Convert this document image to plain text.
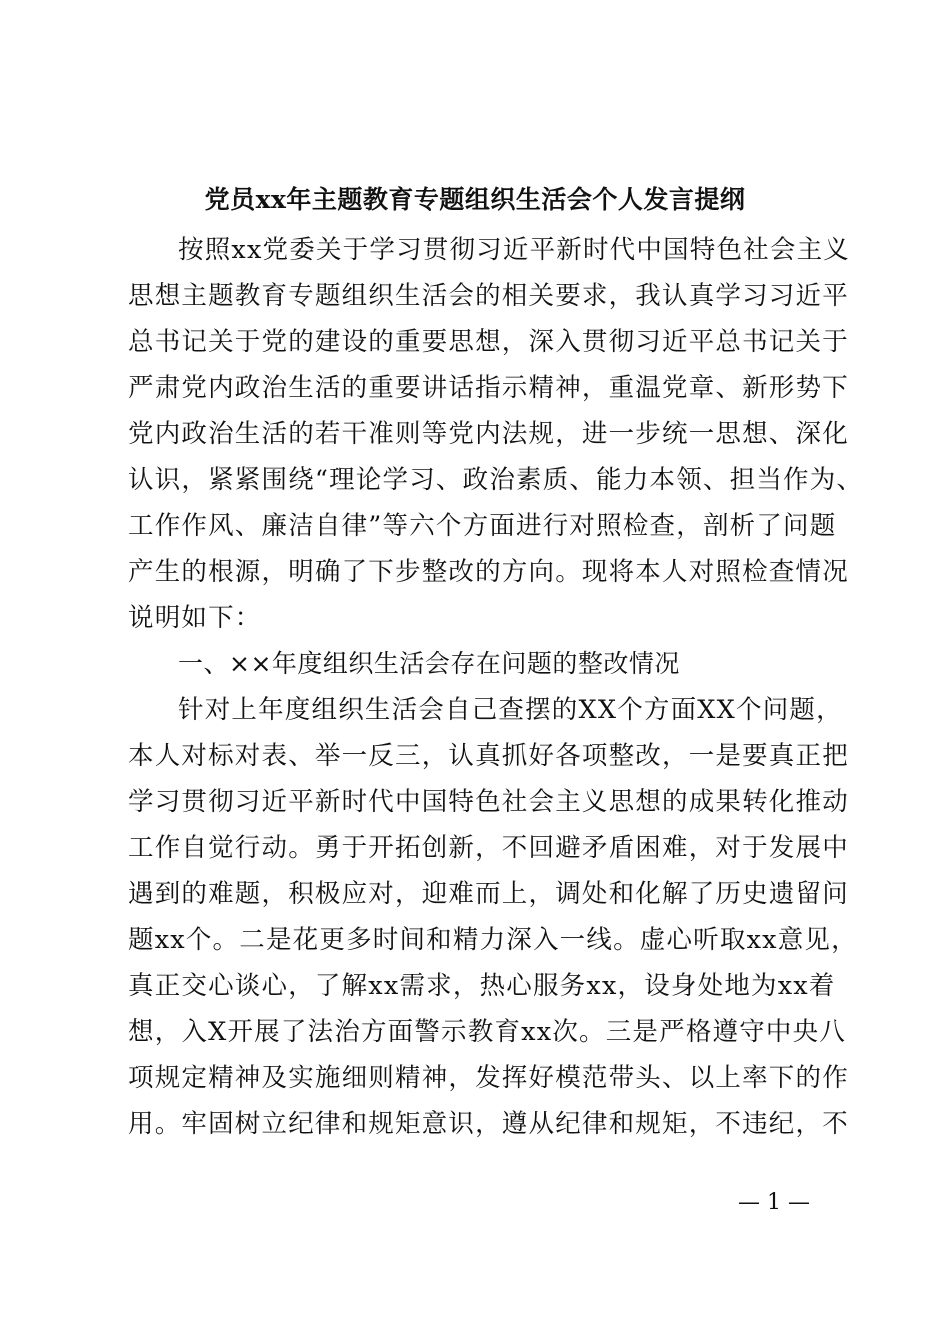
党员xx年主题教育专题组织生活会个人发言提纲
按照xx党委关于学习贯彻习近平新时代中国特色社会主义
思想主题教育专题组织生活会的相关要求，我认真学习习近平
总书记关于党的建设的重要思想，深入贯彻习近平总书记关于
严肃党内政治生活的重要讲话指示精神，重温党章、新形势下
党内政治生活的若干准则等党内法规，进一步统一思想、深化
认识，紧紧围绕“理论学习、政治素质、能力本领、担当作为、
工作作风、廉洁自律”等六个方面进行对照检查，剖析了问题
产生的根源，明确了下步整改的方向。现将本人对照检查情况
说明如下：
一、××年度组织生活会存在问题的整改情况
针对上年度组织生活会自己查摆的XX个方面XX个问题，
本人对标对表、举一反三，认真抓好各项整改，一是要真正把
学习贯彻习近平新时代中国特色社会主义思想的成果转化推动
工作自觉行动。勇于开拓创新，不回避矛盾困难，对于发展中
遇到的难题，积极应对，迎难而上，调处和化解了历史遗留问
题xx个。二是花更多时间和精力深入一线。虚心听取xx意见，
真正交心谈心，了解xx需求，热心服务xx，设身处地为xx着
想，入X开展了法治方面警示教育xx次。三是严格遵守中央八
项规定精神及实施细则精神，发挥好模范带头、以上率下的作
用。牢固树立纪律和规矩意识，遵从纪律和规矩，不违纪，不
— 1 —
